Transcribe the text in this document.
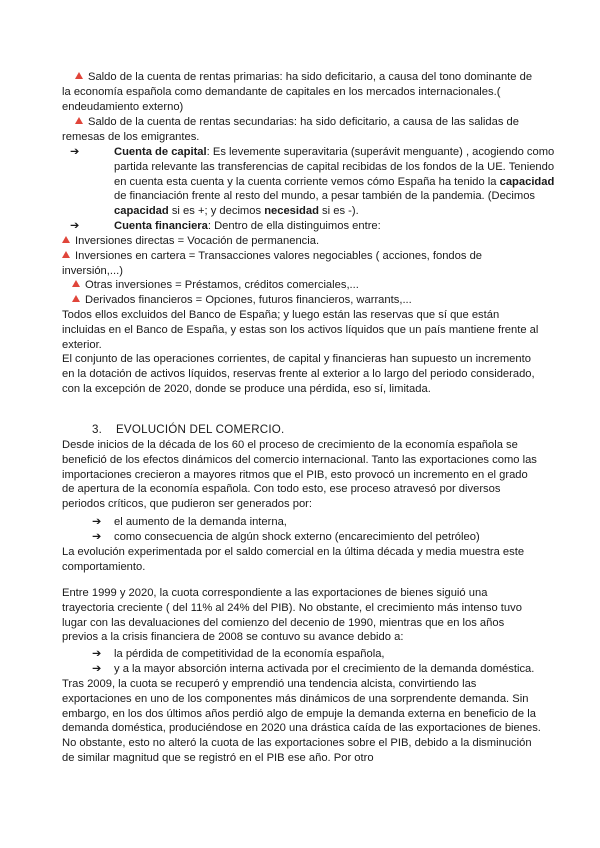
Saldo de la cuenta de rentas primarias: ha sido deficitario, a causa del tono dominante de la economía española como demandante de capitales en los mercados internacionales.( endeudamiento externo)

Saldo de la cuenta de rentas secundarias: ha sido deficitario, a causa de las salidas de remesas de los emigrantes.

➔	Cuenta de capital: Es levemente superavitaria (superávit menguante) , acogiendo como partida relevante las transferencias de capital recibidas de los fondos de la UE. Teniendo en cuenta esta cuenta y la cuenta corriente vemos cómo España ha tenido la capacidad de financiación frente al resto del mundo, a pesar también de la pandemia. (Decimos capacidad si es +; y decimos necesidad si es -).

➔	Cuenta financiera: Dentro de ella distinguimos entre:

Inversiones directas = Vocación de permanencia.

Inversiones en cartera = Transacciones valores negociables ( acciones, fondos de inversión,...)

Otras inversiones = Préstamos, créditos comerciales,...

Derivados financieros = Opciones, futuros financieros, warrants,...

Todos ellos excluidos del Banco de España; y luego están las reservas que sí que están incluidas en el Banco de España, y estas son los activos líquidos que un país mantiene frente al exterior.

El conjunto de las operaciones corrientes, de capital y financieras han supuesto un incremento en la dotación de activos líquidos, reservas frente al exterior a lo largo del periodo considerado, con la excepción de 2020, donde se produce una pérdida, eso sí, limitada.

3. EVOLUCIÓN DEL COMERCIO.

Desde inicios de la década de los 60 el proceso de crecimiento de la economía española se benefició de los efectos dinámicos del comercio internacional. Tanto las exportaciones como las importaciones crecieron a mayores ritmos que el PIB, esto provocó un incremento en el grado de apertura de la economía española. Con todo esto, ese proceso atravesó por diversos periodos críticos, que pudieron ser generados por:

➔ el aumento de la demanda interna,

➔ como consecuencia de algún shock externo (encarecimiento del petróleo)

La evolución experimentada por el saldo comercial en la última década y media muestra este comportamiento.

Entre 1999 y 2020, la cuota correspondiente a las exportaciones de bienes siguió una trayectoria creciente ( del 11% al 24% del PIB). No obstante, el crecimiento más intenso tuvo lugar con las devaluaciones del comienzo del decenio de 1990, mientras que en los años previos a la crisis financiera de 2008 se contuvo su avance debido a:

➔ la pérdida de competitividad de la economía española,

➔ y a la mayor absorción interna activada por el crecimiento de la demanda doméstica.

Tras 2009, la cuota se recuperó y emprendió una tendencia alcista, convirtiendo las exportaciones en uno de los componentes más dinámicos de una sorprendente demanda. Sin embargo, en los dos últimos años perdió algo de empuje la demanda externa en beneficio de la demanda doméstica, produciéndose en 2020 una drástica caída de las exportaciones de bienes. No obstante, esto no alteró la cuota de las exportaciones sobre el PIB, debido a la disminución de similar magnitud que se registró en el PIB ese año. Por otro
